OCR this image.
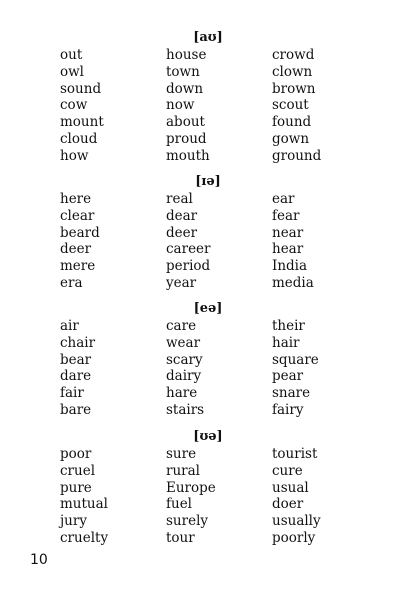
[aʊ]
out	house	crowd
owl	town	clown
sound	down	brown
cow	now	scout
mount	about	found
cloud	proud	gown
how	mouth	ground
[ɪə]
here	real	ear
clear	dear	fear
beard	deer	near
deer	career	hear
mere	period	India
era	year	media
[eə]
air	care	their
chair	wear	hair
bear	scary	square
dare	dairy	pear
fair	hare	snare
bare	stairs	fairy
[ʊə]
poor	sure	tourist
cruel	rural	cure
pure	Europe	usual
mutual	fuel	doer
jury	surely	usually
cruelty	tour	poorly
10
